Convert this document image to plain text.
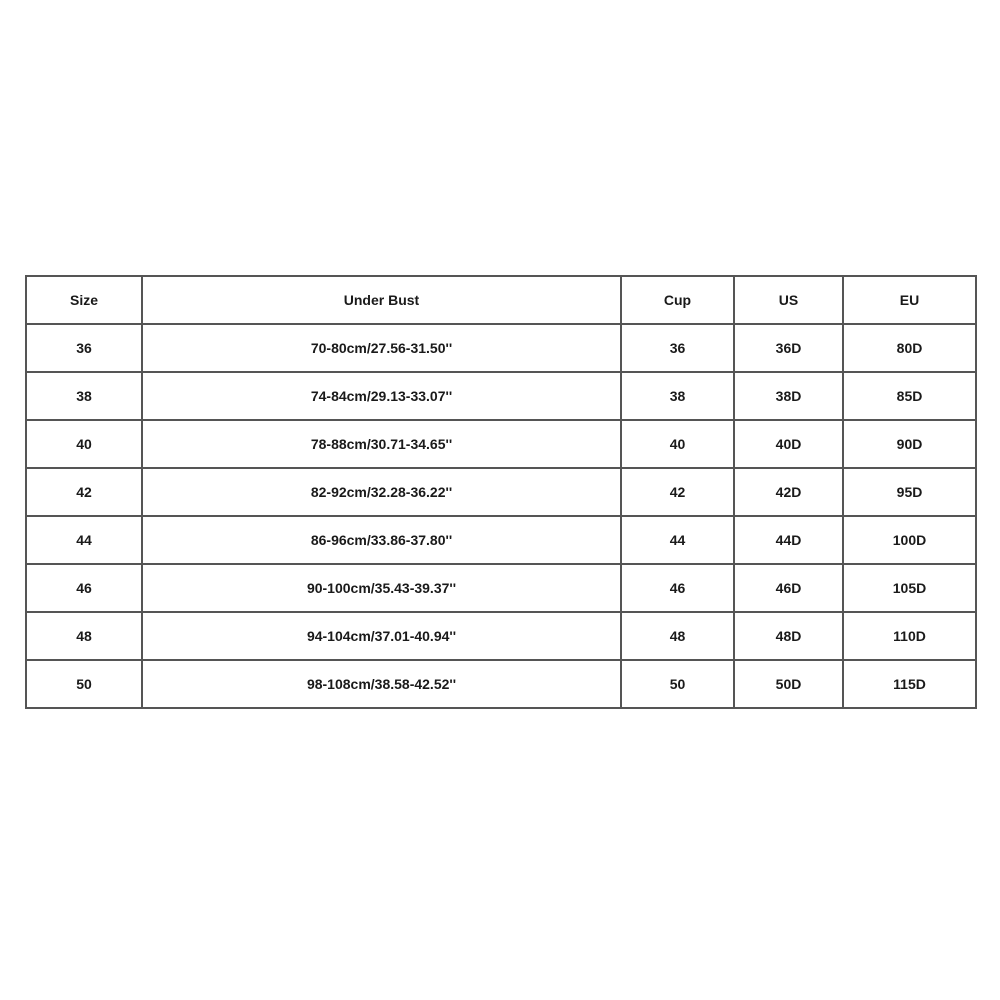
Size	Under Bust	Cup	US	EU
36	70-80cm/27.56-31.50''	36	36D	80D
38	74-84cm/29.13-33.07''	38	38D	85D
40	78-88cm/30.71-34.65''	40	40D	90D
42	82-92cm/32.28-36.22''	42	42D	95D
44	86-96cm/33.86-37.80''	44	44D	100D
46	90-100cm/35.43-39.37''	46	46D	105D
48	94-104cm/37.01-40.94''	48	48D	110D
50	98-108cm/38.58-42.52''	50	50D	115D
